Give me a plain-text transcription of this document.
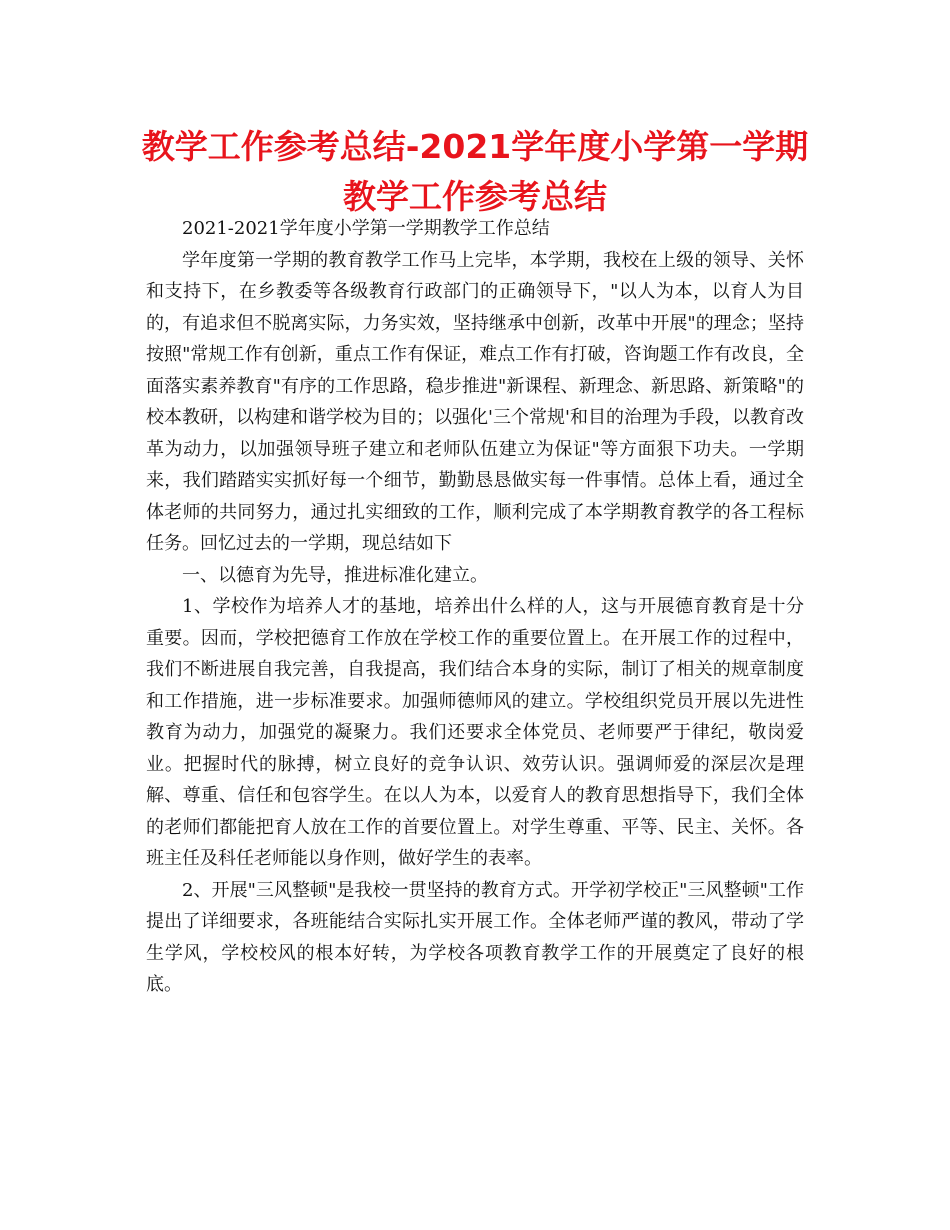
教学工作参考总结-2021学年度小学第一学期教学工作参考总结

2021-2021学年度小学第一学期教学工作总结

学年度第一学期的教育教学工作马上完毕，本学期，我校在上级的领导、关怀和支持下，在乡教委等各级教育行政部门的正确领导下，"以人为本，以育人为目的，有追求但不脱离实际，力务实效，坚持继承中创新，改革中开展"的理念；坚持按照"常规工作有创新，重点工作有保证，难点工作有打破，咨询题工作有改良，全面落实素养教育"有序的工作思路，稳步推进"新课程、新理念、新思路、新策略"的校本教研，以构建和谐学校为目的；以强化'三个常规'和目的治理为手段，以教育改革为动力，以加强领导班子建立和老师队伍建立为保证"等方面狠下功夫。一学期来，我们踏踏实实抓好每一个细节，勤勤恳恳做实每一件事情。总体上看，通过全体老师的共同努力，通过扎实细致的工作，顺利完成了本学期教育教学的各工程标任务。回忆过去的一学期，现总结如下

一、以德育为先导，推进标准化建立。

1、学校作为培养人才的基地，培养出什么样的人，这与开展德育教育是十分重要。因而，学校把德育工作放在学校工作的重要位置上。在开展工作的过程中，我们不断进展自我完善，自我提高，我们结合本身的实际，制订了相关的规章制度和工作措施，进一步标准要求。加强师德师风的建立。学校组织党员开展以先进性教育为动力，加强党的凝聚力。我们还要求全体党员、老师要严于律纪，敬岗爱业。把握时代的脉搏，树立良好的竞争认识、效劳认识。强调师爱的深层次是理解、尊重、信任和包容学生。在以人为本，以爱育人的教育思想指导下，我们全体的老师们都能把育人放在工作的首要位置上。对学生尊重、平等、民主、关怀。各班主任及科任老师能以身作则，做好学生的表率。

2、开展"三风整顿"是我校一贯坚持的教育方式。开学初学校正"三风整顿"工作提出了详细要求，各班能结合实际扎实开展工作。全体老师严谨的教风，带动了学生学风，学校校风的根本好转，为学校各项教育教学工作的开展奠定了良好的根底。
